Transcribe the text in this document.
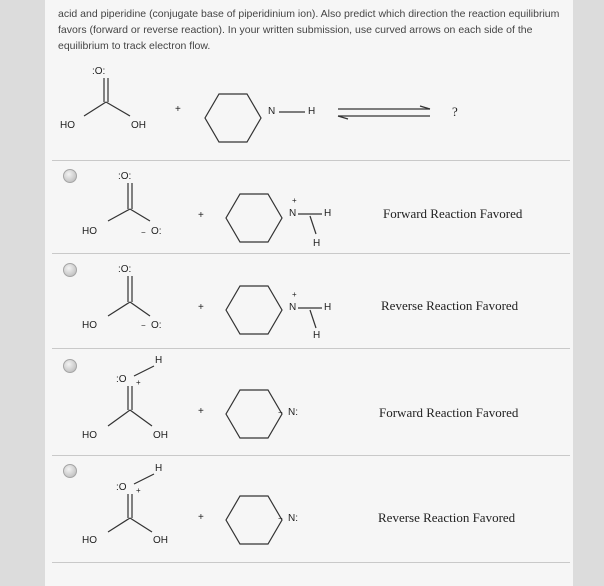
acid and piperidine (conjugate base of piperidinium ion). Also predict which direction the reaction equilibrium favors (forward or reverse reaction). In your written submission, use curved arrows on each side of the equilibrium to track electron flow.
:O:
HO	OH
+	N	H	?
:O:
HO	− O:
+
+
N	H
H
Forward Reaction Favored
:O:
HO	− O:
+
+
N	H
H
Reverse Reaction Favored
H
:O +
HO	OH
+	− N:	Forward Reaction Favored
H
:O +
HO	OH
+	− N:	Reverse Reaction Favored
